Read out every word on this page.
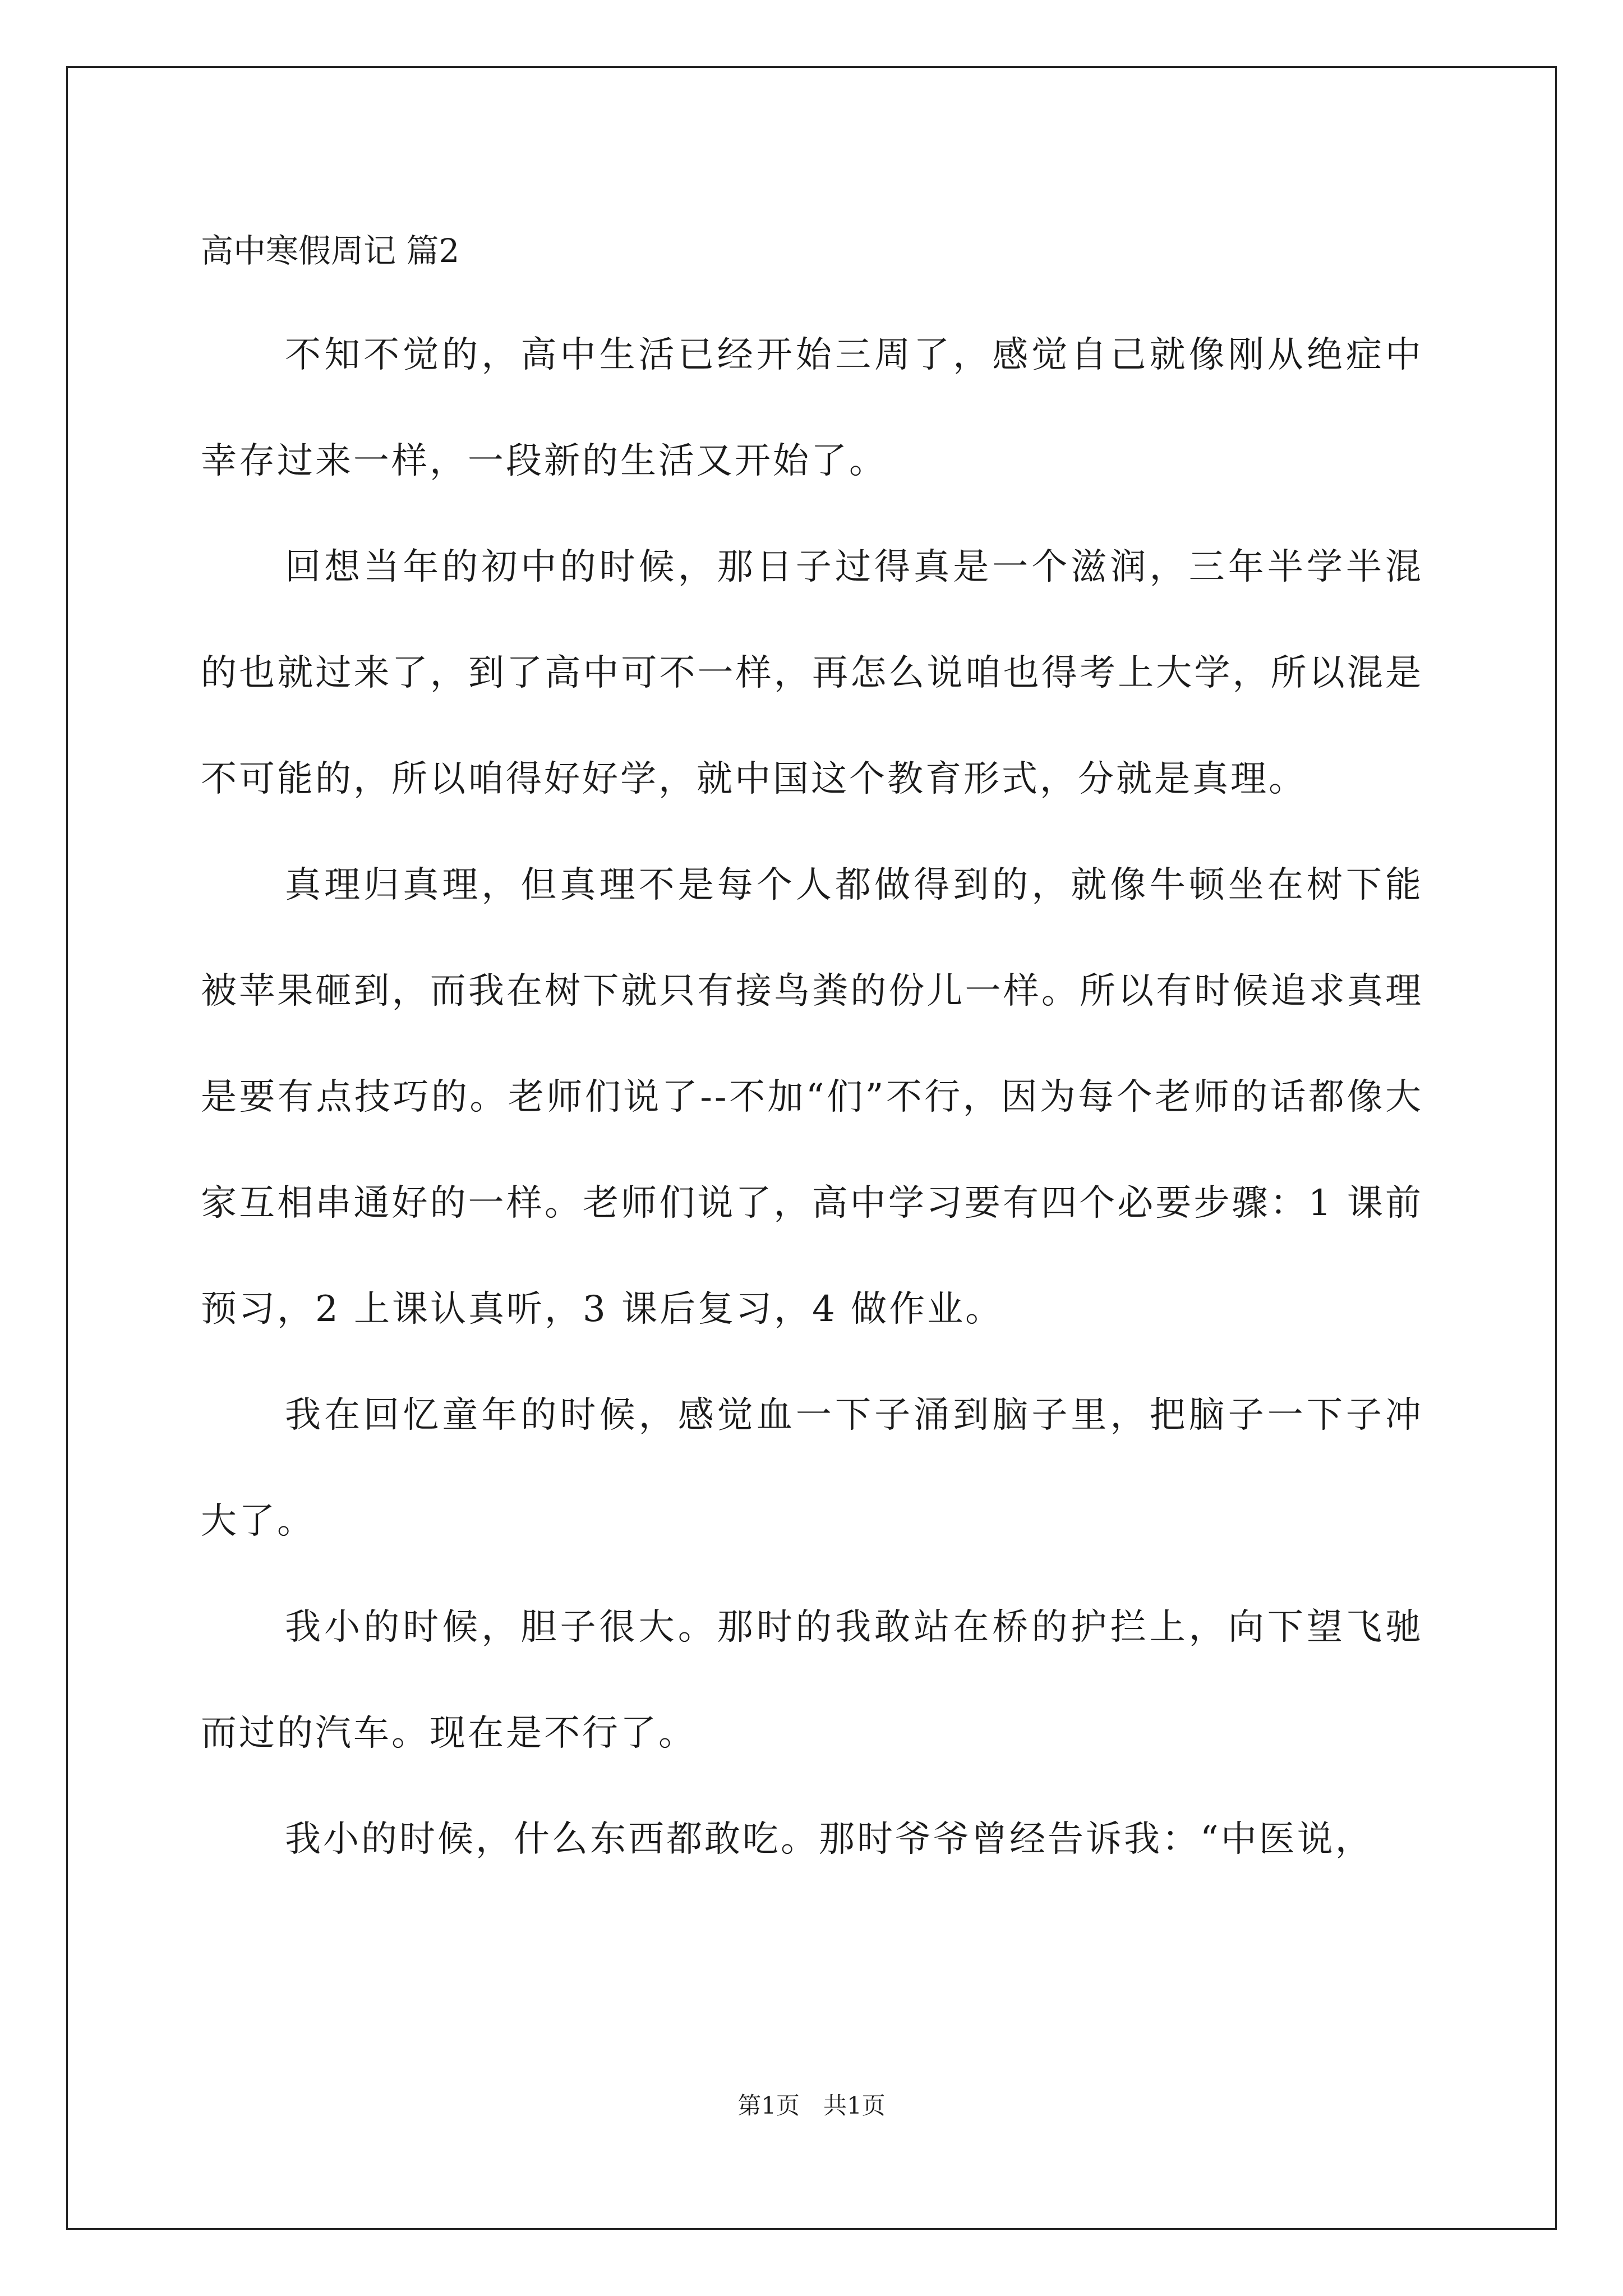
高中寒假周记 篇2

不知不觉的，高中生活已经开始三周了，感觉自己就像刚从绝症中幸存过来一样，一段新的生活又开始了。

回想当年的初中的时候，那日子过得真是一个滋润，三年半学半混的也就过来了，到了高中可不一样，再怎么说咱也得考上大学，所以混是不可能的，所以咱得好好学，就中国这个教育形式，分就是真理。

真理归真理，但真理不是每个人都做得到的，就像牛顿坐在树下能被苹果砸到，而我在树下就只有接鸟粪的份儿一样。所以有时候追求真理是要有点技巧的。老师们说了--不加“们”不行，因为每个老师的话都像大家互相串通好的一样。老师们说了，高中学习要有四个必要步骤：1 课前预习，2 上课认真听，3 课后复习，4 做作业。

我在回忆童年的时候，感觉血一下子涌到脑子里，把脑子一下子冲大了。

我小的时候，胆子很大。那时的我敢站在桥的护拦上，向下望飞驰而过的汽车。现在是不行了。

我小的时候，什么东西都敢吃。那时爷爷曾经告诉我：“中医说，

第1页　共1页
